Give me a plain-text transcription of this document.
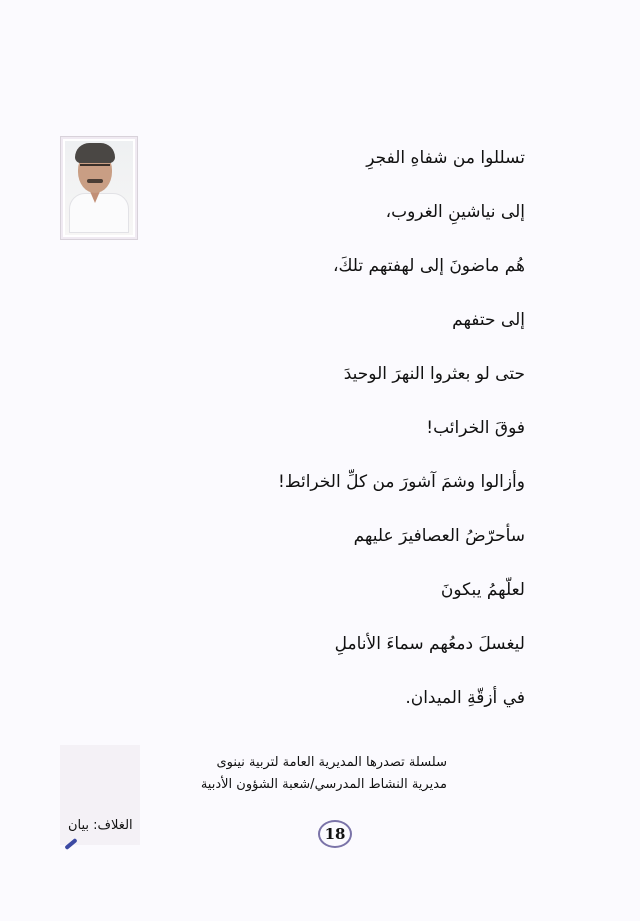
تسللوا من شفاهِ الفجرِ
إلى نياشينِ الغروب،
هُم ماضونَ إلى لهفتهم تلكَ،
إلى حتفهم
حتى لو بعثروا النهرَ الوحيدَ
فوقَ الخرائب!
وأزالوا وشمَ آشورَ من كلِّ الخرائط!
سأحرّضُ العصافيرَ عليهم
لعلّهمُ يبكونَ
ليغسلَ دمعُهم سماءَ الأناملِ
في أزقّةِ الميدان.
سلسلة تصدرها المديرية العامة لتربية نينوى
مديرية النشاط المدرسي/شعبة الشؤون الأدبية
18
الغلاف: بيان
